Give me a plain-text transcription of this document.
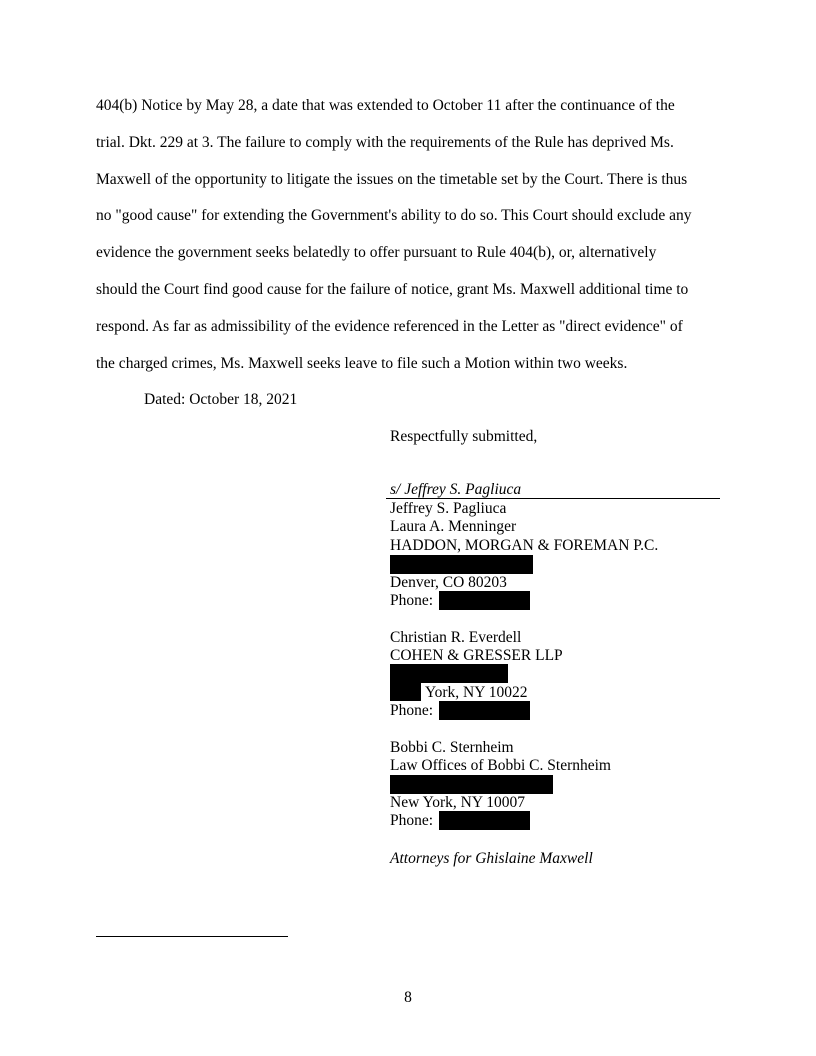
404(b) Notice by May 28, a date that was extended to October 11 after the continuance of the
trial. Dkt. 229 at 3. The failure to comply with the requirements of the Rule has deprived Ms.
Maxwell of the opportunity to litigate the issues on the timetable set by the Court. There is thus
no "good cause" for extending the Government's ability to do so. This Court should exclude any
evidence the government seeks belatedly to offer pursuant to Rule 404(b), or, alternatively
should the Court find good cause for the failure of notice, grant Ms. Maxwell additional time to
respond. As far as admissibility of the evidence referenced in the Letter as "direct evidence" of
the charged crimes, Ms. Maxwell seeks leave to file such a Motion within two weeks.
Dated: October 18, 2021
Respectfully submitted,
s/ Jeffrey S. Pagliuca
Jeffrey S. Pagliuca
Laura A. Menninger
HADDON, MORGAN & FOREMAN P.C.
Denver, CO 80203
Phone:
Christian R. Everdell
COHEN & GRESSER LLP
York, NY 10022
Phone:
Bobbi C. Sternheim
Law Offices of Bobbi C. Sternheim
New York, NY 10007
Phone:
Attorneys for Ghislaine Maxwell
8
